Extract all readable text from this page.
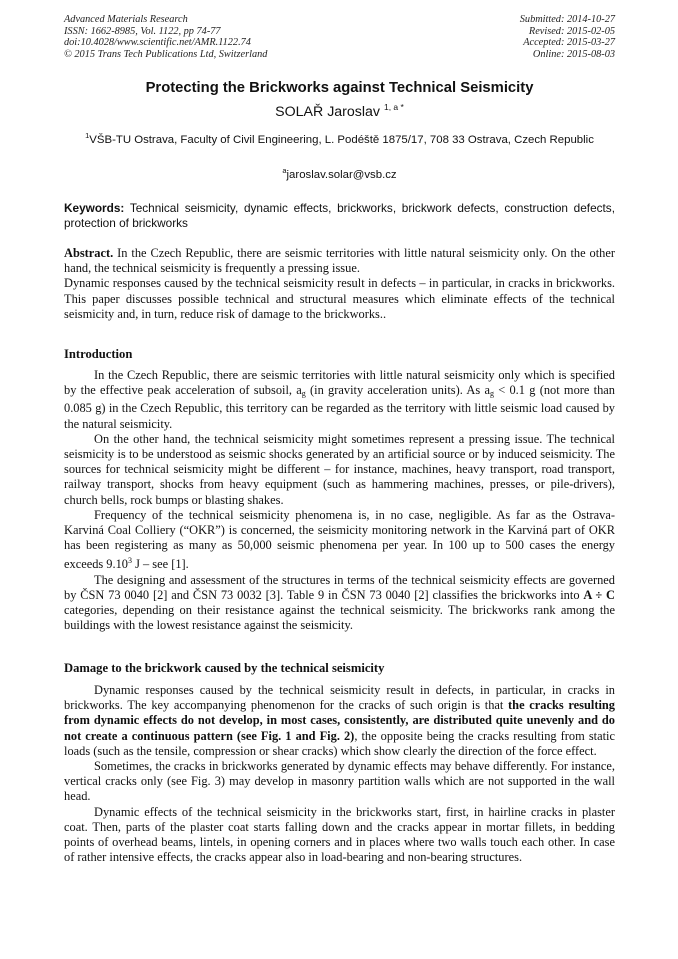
Advanced Materials Research
ISSN: 1662-8985, Vol. 1122, pp 74-77
doi:10.4028/www.scientific.net/AMR.1122.74
© 2015 Trans Tech Publications Ltd, Switzerland
Submitted: 2014-10-27
Revised: 2015-02-05
Accepted: 2015-03-27
Online: 2015-08-03
Protecting the Brickworks against Technical Seismicity
SOLAŘ Jaroslav $^{1, a *}$
$^1$VŠB-TU Ostrava, Faculty of Civil Engineering, L. Podéště 1875/17, 708 33 Ostrava, Czech Republic
$^a$jaroslav.solar@vsb.cz
Keywords: Technical seismicity, dynamic effects, brickworks, brickwork defects, construction defects, protection of brickworks

Abstract. In the Czech Republic, there are seismic territories with little natural seismicity only. On the other hand, the technical seismicity is frequently a pressing issue.

Dynamic responses caused by the technical seismicity result in defects – in particular, in cracks in brickworks. This paper discusses possible technical and structural measures which eliminate effects of the technical seismicity and, in turn, reduce risk of damage to the brickworks..

Introduction

In the Czech Republic, there are seismic territories with little natural seismicity only which is specified by the effective peak acceleration of subsoil, $a_g$ (in gravity acceleration units). As $a_g < 0.1$ g (not more than 0.085 g) in the Czech Republic, this territory can be regarded as the territory with little seismic load caused by the natural seismicity.

On the other hand, the technical seismicity might sometimes represent a pressing issue. The technical seismicity is to be understood as seismic shocks generated by an artificial source or by induced seismicity. The sources for technical seismicity might be different – for instance, machines, heavy transport, road transport, railway transport, shocks from heavy equipment (such as hammering machines, presses, or pile-drivers), church bells, rock bumps or blasting shakes.

Frequency of the technical seismicity phenomena is, in no case, negligible. As far as the Ostrava-Karviná Coal Colliery (“OKR”) is concerned, the seismicity monitoring network in the Karviná part of OKR has been registering as many as 50,000 seismic phenomena per year. In 100 up to 500 cases the energy exceeds 9.10$^3$ J – see [1].

The designing and assessment of the structures in terms of the technical seismicity effects are governed by ČSN 73 0040 [2] and ČSN 73 0032 [3]. Table 9 in ČSN 73 0040 [2] classifies the brickworks into A ÷ C categories, depending on their resistance against the technical seismicity. The brickworks rank among the buildings with the lowest resistance against the seismicity.

Damage to the brickwork caused by the technical seismicity

Dynamic responses caused by the technical seismicity result in defects, in particular, in cracks in brickworks. The key accompanying phenomenon for the cracks of such origin is that the cracks resulting from dynamic effects do not develop, in most cases, consistently, are distributed quite unevenly and do not create a continuous pattern (see Fig. 1 and Fig. 2), the opposite being the cracks resulting from static loads (such as the tensile, compression or shear cracks) which show clearly the direction of the force effect.

Sometimes, the cracks in brickworks generated by dynamic effects may behave differently. For instance, vertical cracks only (see Fig. 3) may develop in masonry partition walls which are not supported in the wall head.

Dynamic effects of the technical seismicity in the brickworks start, first, in hairline cracks in plaster coat. Then, parts of the plaster coat starts falling down and the cracks appear in mortar fillets, in bedding points of overhead beams, lintels, in opening corners and in places where two walls touch each other. In case of rather intensive effects, the cracks appear also in load-bearing and non-bearing structures.
